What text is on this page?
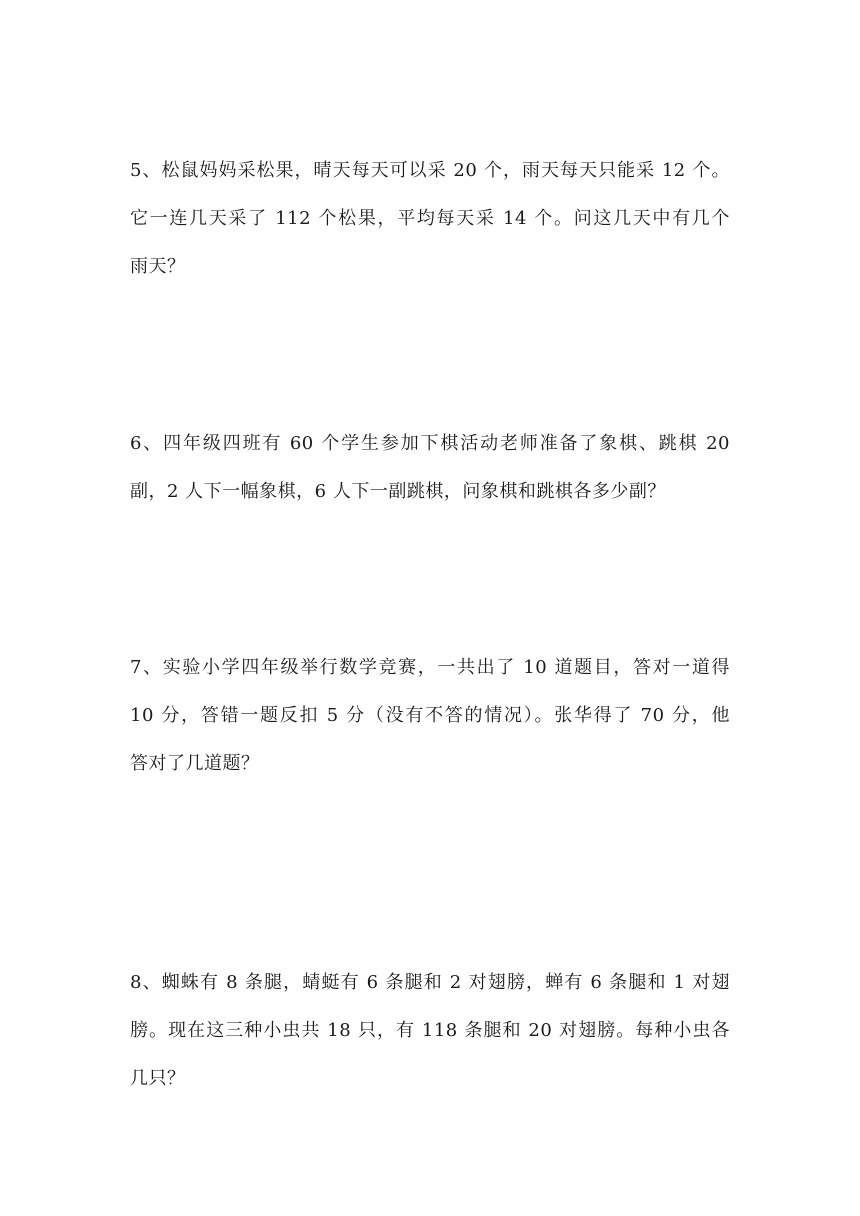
5、松鼠妈妈采松果，晴天每天可以采 20 个，雨天每天只能采 12 个。
它一连几天采了 112 个松果，平均每天采 14 个。问这几天中有几个
雨天？
6、四年级四班有 60 个学生参加下棋活动老师准备了象棋、跳棋 20
副，2 人下一幅象棋，6 人下一副跳棋，问象棋和跳棋各多少副？
7、实验小学四年级举行数学竞赛，一共出了 10 道题目，答对一道得
10 分，答错一题反扣 5 分（没有不答的情况）。张华得了 70 分，他
答对了几道题？
8、蜘蛛有 8 条腿，蜻蜓有 6 条腿和 2 对翅膀，蝉有 6 条腿和 1 对翅
膀。现在这三种小虫共 18 只，有 118 条腿和 20 对翅膀。每种小虫各
几只？
